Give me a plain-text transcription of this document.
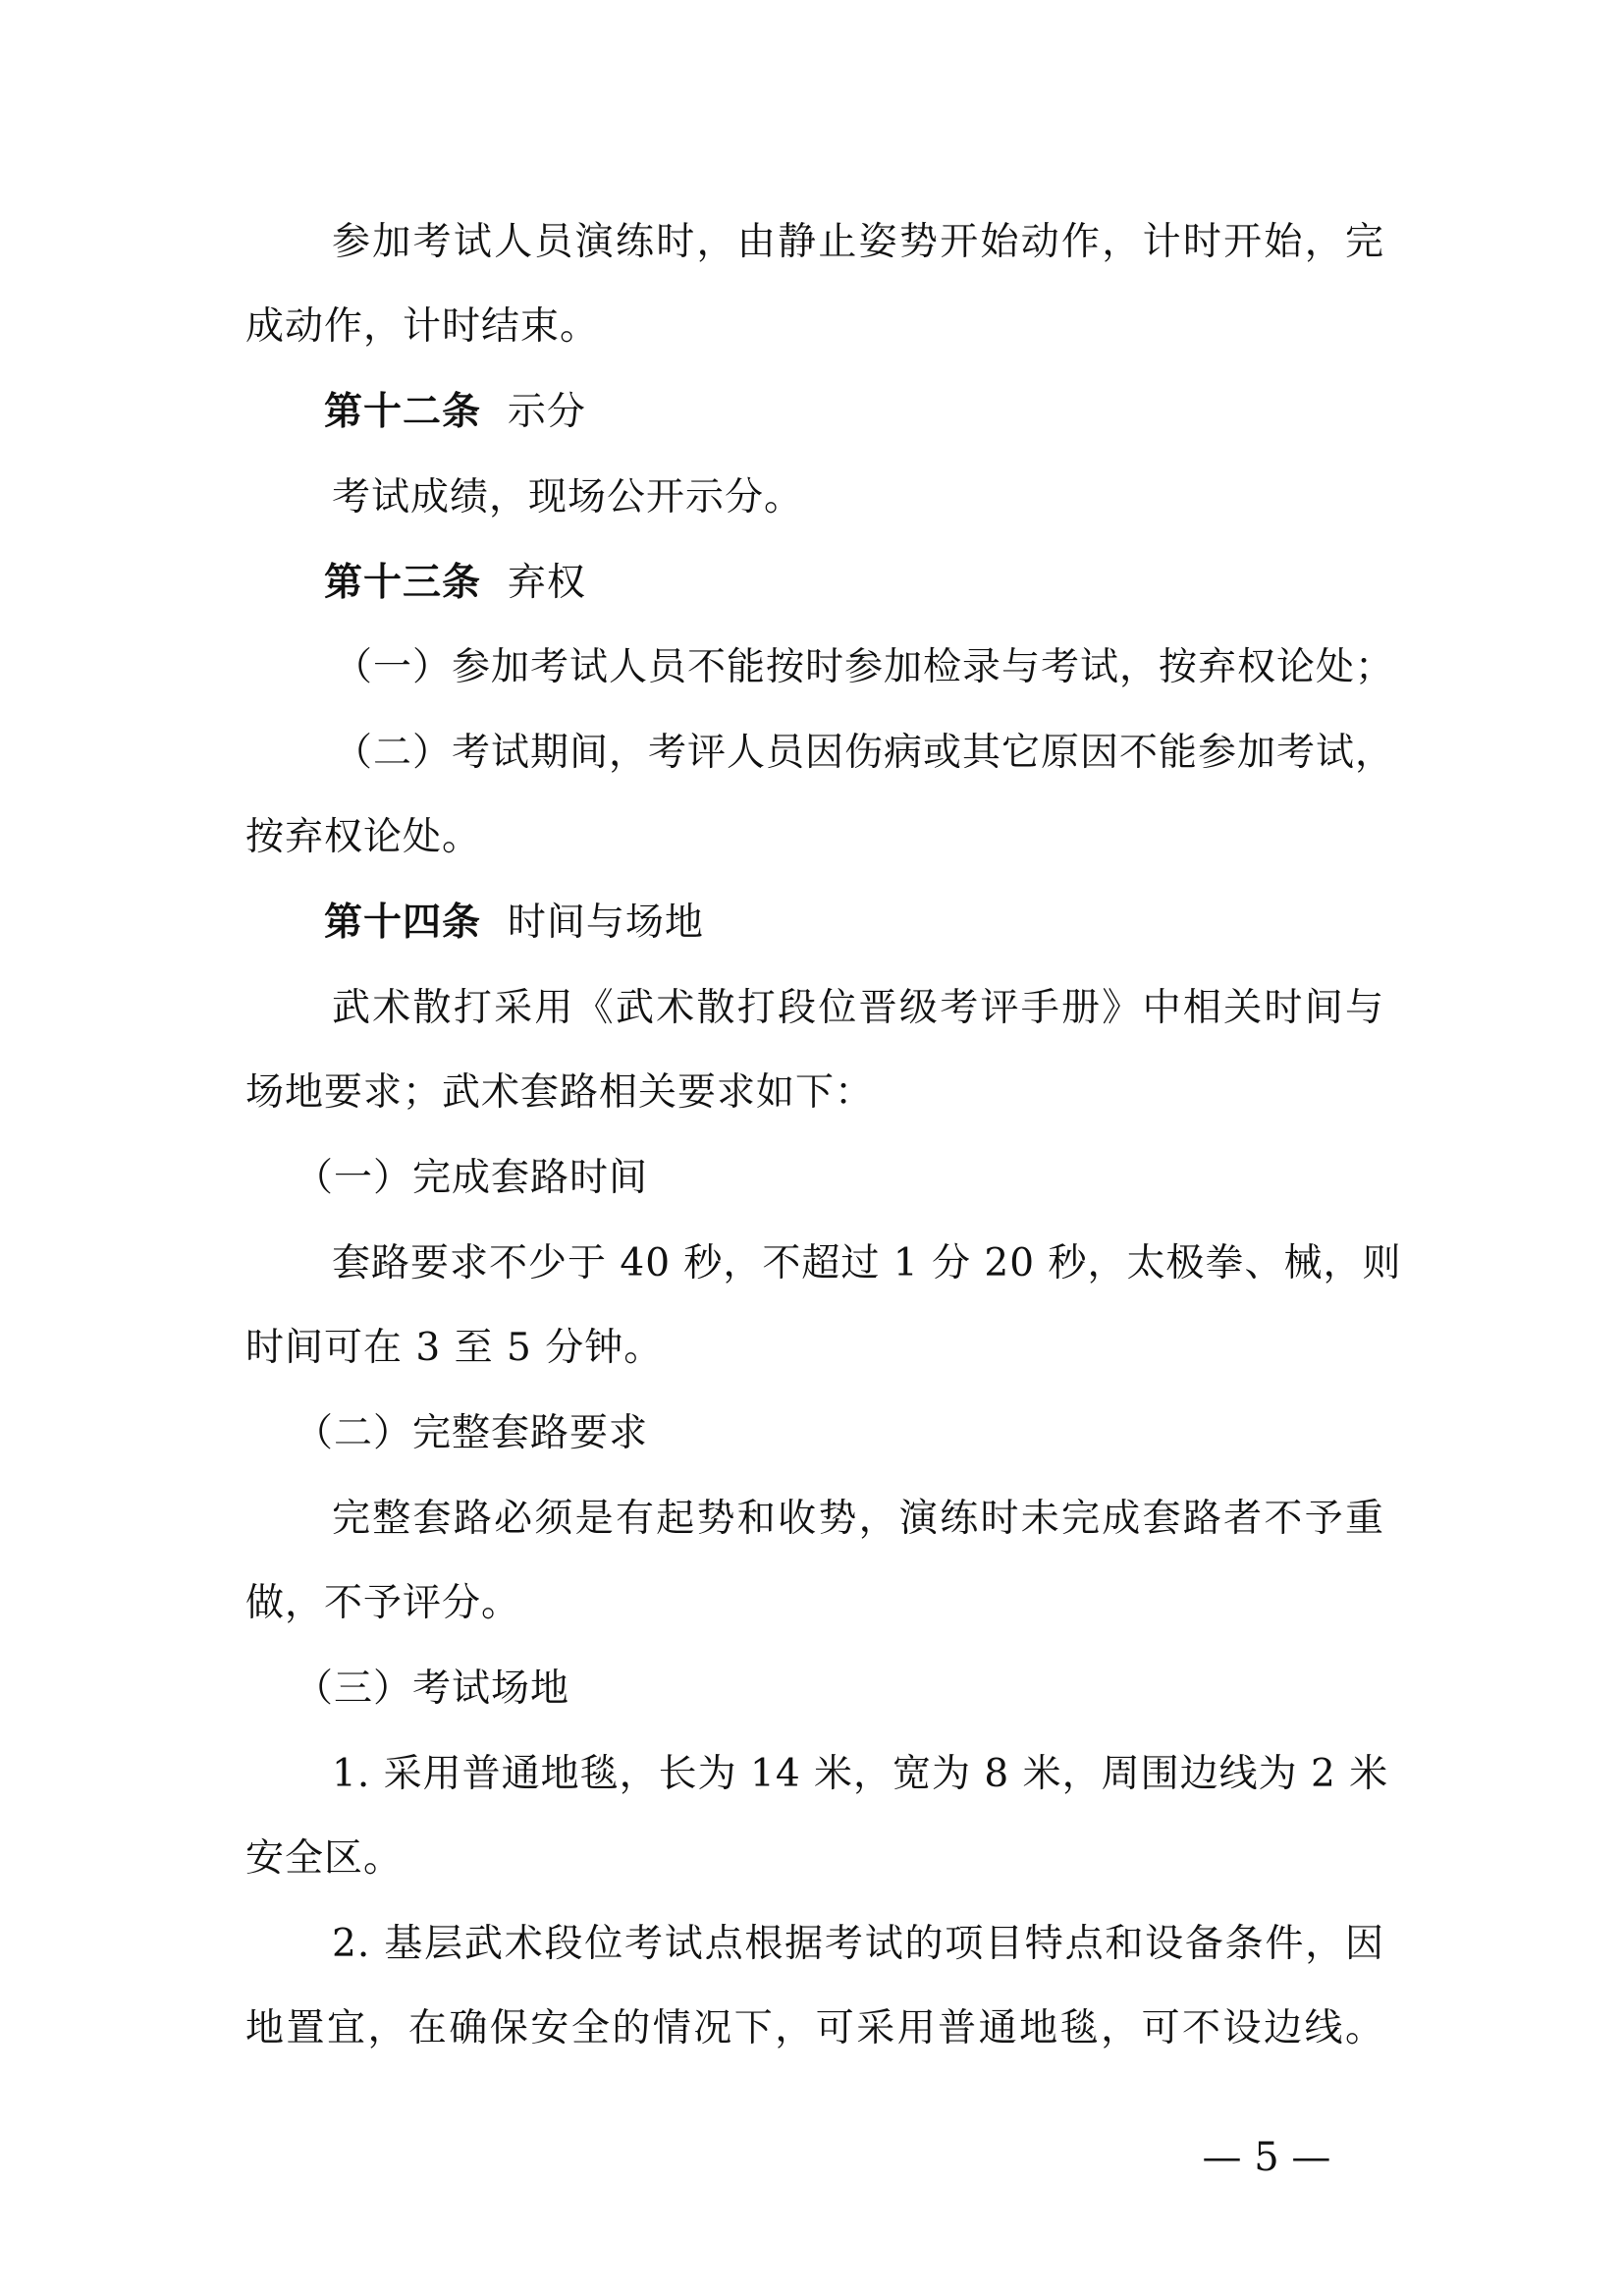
参加考试人员演练时，由静止姿势开始动作，计时开始，完
成动作，计时结束。
第十二条 示分
考试成绩，现场公开示分。
第十三条 弃权
（一）参加考试人员不能按时参加检录与考试，按弃权论处；
（二）考试期间，考评人员因伤病或其它原因不能参加考试，
按弃权论处。
第十四条 时间与场地
武术散打采用《武术散打段位晋级考评手册》中相关时间与
场地要求；武术套路相关要求如下：
（一）完成套路时间
套路要求不少于 40 秒，不超过 1 分 20 秒，太极拳、械，则
时间可在 3 至 5 分钟。
（二）完整套路要求
完整套路必须是有起势和收势，演练时未完成套路者不予重
做，不予评分。
（三）考试场地
1. 采用普通地毯，长为 14 米，宽为 8 米，周围边线为 2 米
安全区。
2. 基层武术段位考试点根据考试的项目特点和设备条件，因
地置宜，在确保安全的情况下，可采用普通地毯，可不设边线。
— 5 —
